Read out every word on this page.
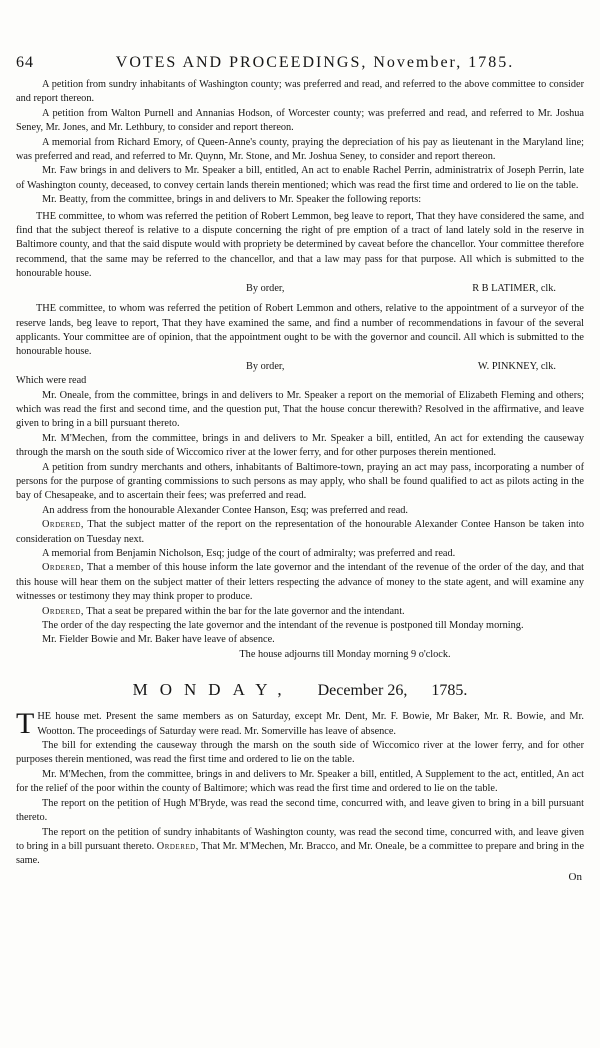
64	VOTES AND PROCEEDINGS, November, 1785.

A petition from sundry inhabitants of Washington county; was preferred and read, and referred to the above committee to consider and report thereon.

A petition from Walton Purnell and Annanias Hodson, of Worcester county; was preferred and read, and referred to Mr. Joshua Seney, Mr. Jones, and Mr. Lethbury, to consider and report thereon.

A memorial from Richard Emory, of Queen-Anne's county, praying the depreciation of his pay as lieutenant in the Maryland line; was preferred and read, and referred to Mr. Quynn, Mr. Stone, and Mr. Joshua Seney, to consider and report thereon.

Mr. Faw brings in and delivers to Mr. Speaker a bill, entitled, An act to enable Rachel Perrin, administratrix of Joseph Perrin, late of Washington county, deceased, to convey certain lands therein mentioned; which was read the first time and ordered to lie on the table.

Mr. Beatty, from the committee, brings in and delivers to Mr. Speaker the following reports:

THE committee, to whom was referred the petition of Robert Lemmon, beg leave to report, That they have considered the same, and find that the subject thereof is relative to a dispute concerning the right of pre emption of a tract of land lately sold in the reserve in Baltimore county, and that the said dispute would with propriety be determined by caveat before the chancellor. Your committee therefore recommend, that the same may be referred to the chancellor, and that a law may pass for that purpose. All which is submitted to the honourable house.

By order,	R B LATIMER, clk.

THE committee, to whom was referred the petition of Robert Lemmon and others, relative to the appointment of a surveyor of the reserve lands, beg leave to report, That they have examined the same, and find a number of recommendations in favour of the several applicants. Your committee are of opinion, that the appointment ought to be with the governor and council. All which is submitted to the honourable house.

By order,	W. PINKNEY, clk.

Which were read

Mr. Oneale, from the committee, brings in and delivers to Mr. Speaker a report on the memorial of Elizabeth Fleming and others; which was read the first and second time, and the question put, That the house concur therewith? Resolved in the affirmative, and leave given to bring in a bill pursuant thereto.

Mr. M'Mechen, from the committee, brings in and delivers to Mr. Speaker a bill, entitled, An act for extending the causeway through the marsh on the south side of Wiccomico river at the lower ferry, and for other purposes therein mentioned.

A petition from sundry merchants and others, inhabitants of Baltimore-town, praying an act may pass, incorporating a number of persons for the purpose of granting commissions to such persons as may apply, who shall be found qualified to act as pilots acting in the bay of Chesapeake, and to ascertain their fees; was preferred and read.

An address from the honourable Alexander Contee Hanson, Esq; was preferred and read.

Ordered, That the subject matter of the report on the representation of the honourable Alexander Contee Hanson be taken into consideration on Tuesday next.

A memorial from Benjamin Nicholson, Esq; judge of the court of admiralty; was preferred and read.

Ordered, That a member of this house inform the late governor and the intendant of the revenue of the order of the day, and that this house will hear them on the subject matter of their letters respecting the advance of money to the state agent, and will examine any witnesses or testimony they may think proper to produce.

Ordered, That a seat be prepared within the bar for the late governor and the intendant.

The order of the day respecting the late governor and the intendant of the revenue is postponed till Monday morning.

Mr. Fielder Bowie and Mr. Baker have leave of absence.

The house adjourns till Monday morning 9 o'clock.
MONDAY, December 26, 1785.

THE house met. Present the same members as on Saturday, except Mr. Dent, Mr. F. Bowie, Mr Baker, Mr. R. Bowie, and Mr. Wootton. The proceedings of Saturday were read. Mr. Somerville has leave of absence.

The bill for extending the causeway through the marsh on the south side of Wiccomico river at the lower ferry, and for other purposes therein mentioned, was read the first time and ordered to lie on the table.

Mr. M'Mechen, from the committee, brings in and delivers to Mr. Speaker a bill, entitled, A Supplement to the act, entitled, An act for the relief of the poor within the county of Baltimore; which was read the first time and ordered to lie on the table.

The report on the petition of Hugh M'Bryde, was read the second time, concurred with, and leave given to bring in a bill pursuant thereto.

The report on the petition of sundry inhabitants of Washington county, was read the second time, concurred with, and leave given to bring in a bill pursuant thereto. Ordered, That Mr. M'Mechen, Mr. Bracco, and Mr. Oneale, be a committee to prepare and bring in the same.

On
